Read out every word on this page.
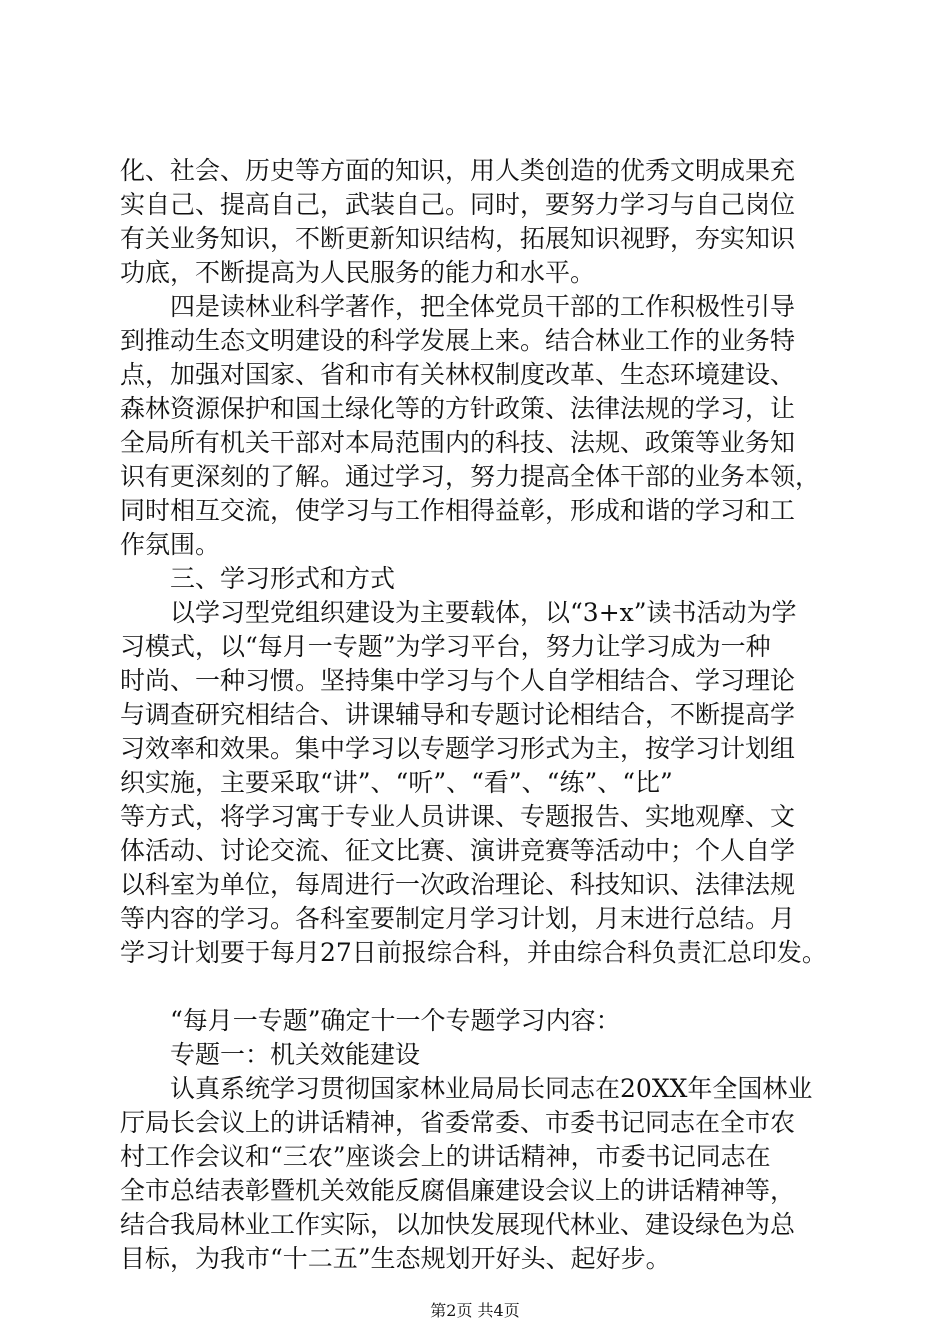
化、社会、历史等方面的知识，用人类创造的优秀文明成果充
实自己、提高自己，武装自己。同时，要努力学习与自己岗位
有关业务知识，不断更新知识结构，拓展知识视野，夯实知识
功底，不断提高为人民服务的能力和水平。
四是读林业科学著作，把全体党员干部的工作积极性引导
到推动生态文明建设的科学发展上来。结合林业工作的业务特
点，加强对国家、省和市有关林权制度改革、生态环境建设、
森林资源保护和国土绿化等的方针政策、法律法规的学习，让
全局所有机关干部对本局范围内的科技、法规、政策等业务知
识有更深刻的了解。通过学习，努力提高全体干部的业务本领，
同时相互交流，使学习与工作相得益彰，形成和谐的学习和工
作氛围。
三、学习形式和方式
以学习型党组织建设为主要载体，以“3+x”读书活动为学
习模式，以“每月一专题”为学习平台，努力让学习成为一种
时尚、一种习惯。坚持集中学习与个人自学相结合、学习理论
与调查研究相结合、讲课辅导和专题讨论相结合，不断提高学
习效率和效果。集中学习以专题学习形式为主，按学习计划组
织实施，主要采取“讲”、“听”、“看”、“练”、“比”
等方式，将学习寓于专业人员讲课、专题报告、实地观摩、文
体活动、讨论交流、征文比赛、演讲竞赛等活动中；个人自学
以科室为单位，每周进行一次政治理论、科技知识、法律法规
等内容的学习。各科室要制定月学习计划，月末进行总结。月
学习计划要于每月27日前报综合科，并由综合科负责汇总印发。
“每月一专题”确定十一个专题学习内容：
专题一：机关效能建设
认真系统学习贯彻国家林业局局长同志在20XX年全国林业
厅局长会议上的讲话精神，省委常委、市委书记同志在全市农
村工作会议和“三农”座谈会上的讲话精神，市委书记同志在
全市总结表彰暨机关效能反腐倡廉建设会议上的讲话精神等，
结合我局林业工作实际，以加快发展现代林业、建设绿色为总
目标，为我市“十二五”生态规划开好头、起好步。
第2页 共4页
